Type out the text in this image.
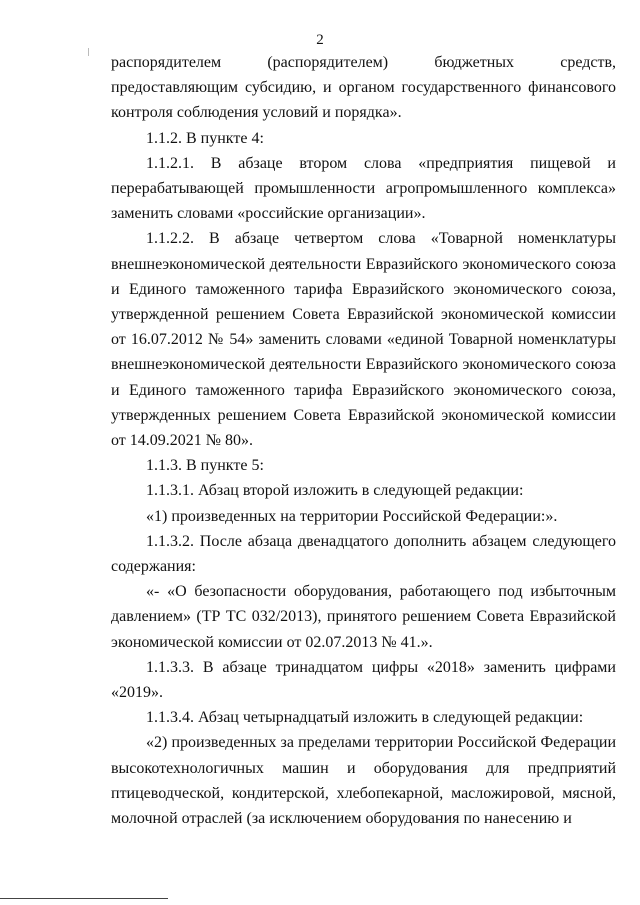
2

распорядителем (распорядителем) бюджетных средств, предоставляющим субсидию, и органом государственного финансового контроля соблюдения условий и порядка».

1.1.2. В пункте 4:

1.1.2.1. В абзаце втором слова «предприятия пищевой и перерабатывающей промышленности агропромышленного комплекса» заменить словами «российские организации».

1.1.2.2. В абзаце четвертом слова «Товарной номенклатуры внешнеэкономической деятельности Евразийского экономического союза и Единого таможенного тарифа Евразийского экономического союза, утвержденной решением Совета Евразийской экономической комиссии от 16.07.2012 № 54» заменить словами «единой Товарной номенклатуры внешнеэкономической деятельности Евразийского экономического союза и Единого таможенного тарифа Евразийского экономического союза, утвержденных решением Совета Евразийской экономической комиссии от 14.09.2021 № 80».

1.1.3. В пункте 5:

1.1.3.1. Абзац второй изложить в следующей редакции:

«1) произведенных на территории Российской Федерации:».

1.1.3.2. После абзаца двенадцатого дополнить абзацем следующего содержания:

«- «О безопасности оборудования, работающего под избыточным давлением» (ТР ТС 032/2013), принятого решением Совета Евразийской экономической комиссии от 02.07.2013 № 41.».

1.1.3.3. В абзаце тринадцатом цифры «2018» заменить цифрами «2019».

1.1.3.4. Абзац четырнадцатый изложить в следующей редакции:

«2) произведенных за пределами территории Российской Федерации высокотехнологичных машин и оборудования для предприятий птицеводческой, кондитерской, хлебопекарной, масложировой, мясной, молочной отраслей (за исключением оборудования по нанесению и
